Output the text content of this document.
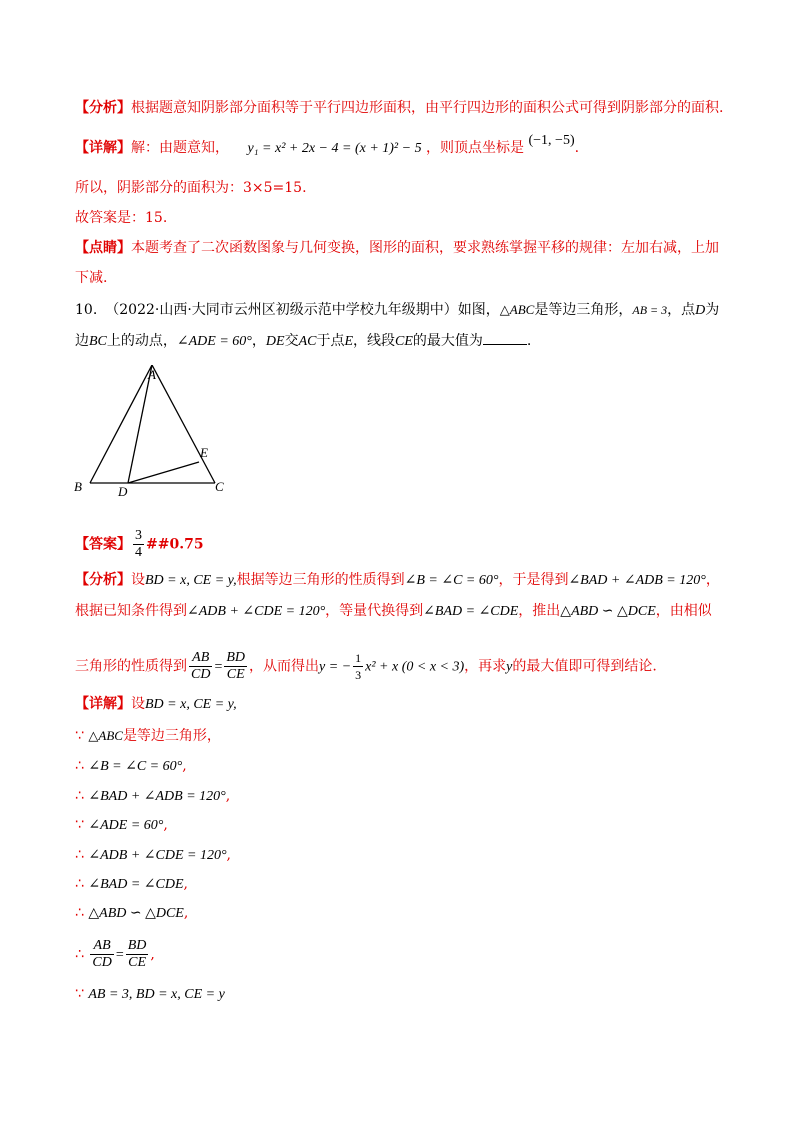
【分析】根据题意知阴影部分面积等于平行四边形面积，由平行四边形的面积公式可得到阴影部分的面积.
【详解】解：由题意知， y₁ = x² + 2x − 4 = (x + 1)² − 5 ，则顶点坐标是 (−1, −5).
所以，阴影部分的面积为：3×5=15.
故答案是：15.
【点睛】本题考查了二次函数图象与几何变换，图形的面积，要求熟练掌握平移的规律：左加右减，上加
下减.
10. （2022·山西·大同市云州区初级示范中学校九年级期中）如图，△ABC是等边三角形，AB = 3，点D为
边BC上的动点，∠ADE = 60°，DE交AC于点E，线段CE的最大值为	.
A
B	C
D
E
【答案】 $\frac{3}{4}$ ##0.75
【分析】设BD = x, CE = y,根据等边三角形的性质得到∠B = ∠C = 60°，于是得到∠BAD + ∠ADB = 120°，
根据已知条件得到∠ADB + ∠CDE = 120°，等量代换得到∠BAD = ∠CDE，推出△ABD ∽ △DCE，由相似
三角形的性质得到 $\frac{AB}{CD} = \frac{BD}{CE}$ ，从而得出y = − $\frac{1}{3} x^2 + x$ (0 < x < 3)，再求y的最大值即可得到结论.
【详解】设BD = x, CE = y,
∵ △ABC是等边三角形，
∴ ∠B = ∠C = 60°,
∴ ∠BAD + ∠ADB = 120°,
∵ ∠ADE = 60°,
∴ ∠ADB + ∠CDE = 120°,
∴ ∠BAD = ∠CDE,
∴ △ABD ∽ △DCE,
∴ $\frac{AB}{CD} = \frac{BD}{CE}$ ,
∵ AB = 3, BD = x, CE = y
